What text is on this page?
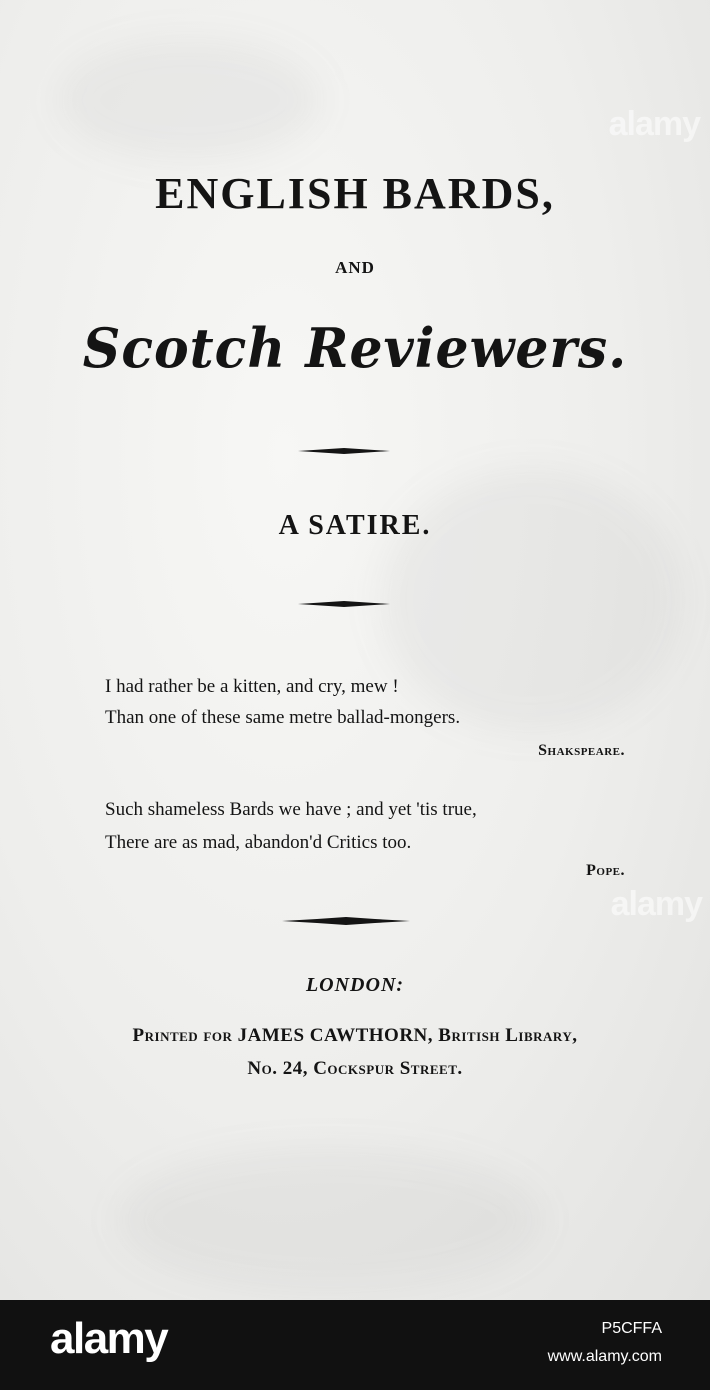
alamy
alamy
ENGLISH BARDS,
AND
Scotch Reviewers.
A SATIRE.
I had rather be a kitten, and cry, mew !
Than one of these same metre ballad-mongers.
Shakspeare.
Such shameless Bards we have ; and yet 'tis true,
There are as mad, abandon'd Critics too.
Pope.
LONDON:
Printed for JAMES CAWTHORN, British Library,
No. 24, Cockspur Street.
alamy	P5CFFA
www.alamy.com
